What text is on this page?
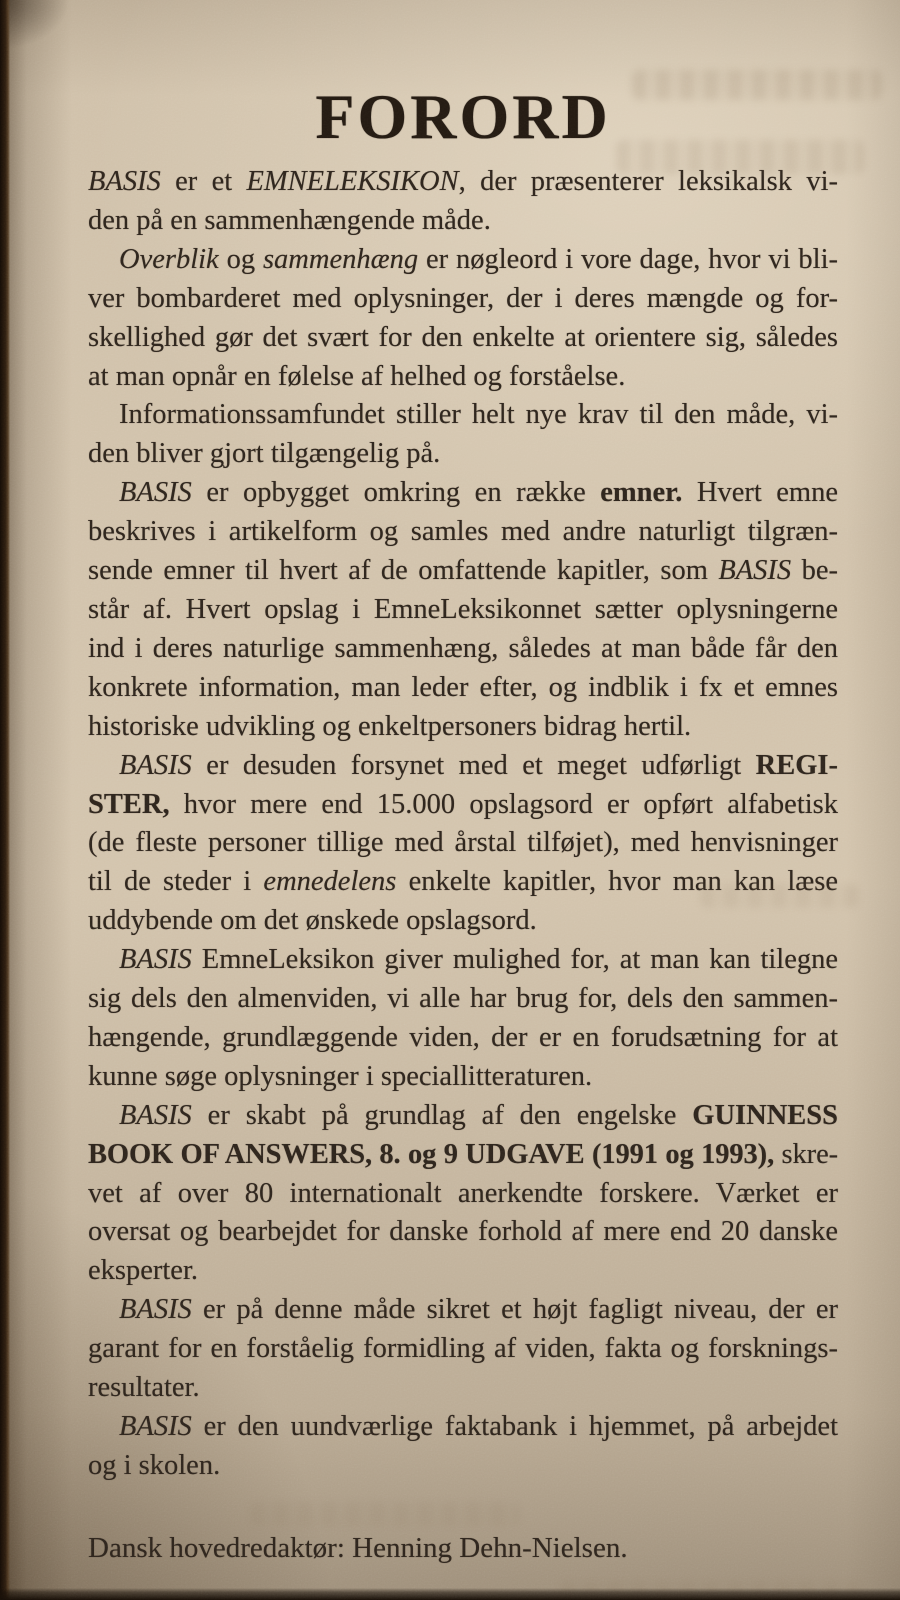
FORORD
BASIS er et EMNELEKSIKON, der præsenterer leksikalsk vi-
den på en sammenhængende måde.
Overblik og sammenhæng er nøgleord i vore dage, hvor vi bli-
ver bombarderet med oplysninger, der i deres mængde og for-
skellighed gør det svært for den enkelte at orientere sig, således
at man opnår en følelse af helhed og forståelse.
Informationssamfundet stiller helt nye krav til den måde, vi-
den bliver gjort tilgængelig på.
BASIS er opbygget omkring en række emner. Hvert emne
beskrives i artikelform og samles med andre naturligt tilgræn-
sende emner til hvert af de omfattende kapitler, som BASIS be-
står af. Hvert opslag i EmneLeksikonnet sætter oplysningerne
ind i deres naturlige sammenhæng, således at man både får den
konkrete information, man leder efter, og indblik i fx et emnes
historiske udvikling og enkeltpersoners bidrag hertil.
BASIS er desuden forsynet med et meget udførligt REGI-
STER, hvor mere end 15.000 opslagsord er opført alfabetisk
(de fleste personer tillige med årstal tilføjet), med henvisninger
til de steder i emnedelens enkelte kapitler, hvor man kan læse
uddybende om det ønskede opslagsord.
BASIS EmneLeksikon giver mulighed for, at man kan tilegne
sig dels den almenviden, vi alle har brug for, dels den sammen-
hængende, grundlæggende viden, der er en forudsætning for at
kunne søge oplysninger i speciallitteraturen.
BASIS er skabt på grundlag af den engelske GUINNESS
BOOK OF ANSWERS, 8. og 9 UDGAVE (1991 og 1993), skre-
vet af over 80 internationalt anerkendte forskere. Værket er
oversat og bearbejdet for danske forhold af mere end 20 danske
eksperter.
BASIS er på denne måde sikret et højt fagligt niveau, der er
garant for en forståelig formidling af viden, fakta og forsknings-
resultater.
BASIS er den uundværlige faktabank i hjemmet, på arbejdet
og i skolen.
Dansk hovedredaktør: Henning Dehn-Nielsen.
